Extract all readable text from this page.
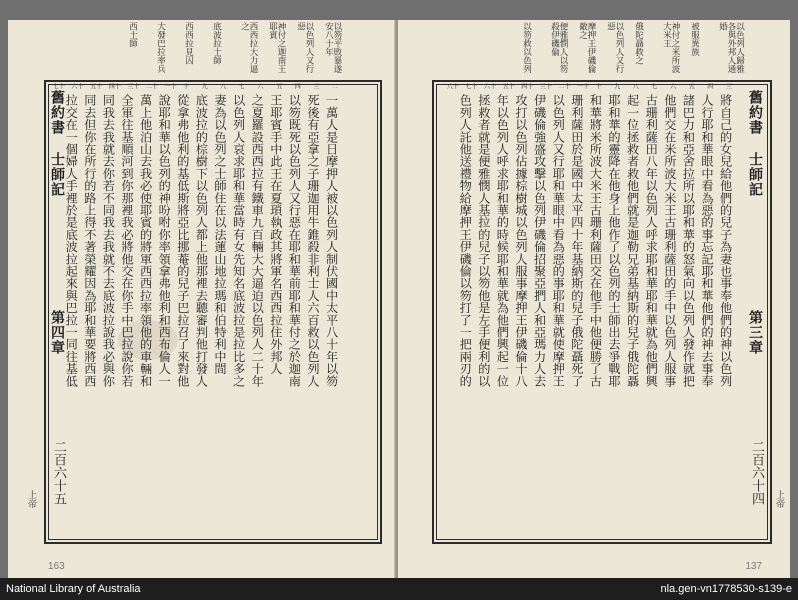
舊約書 士師記
第四章
二百六十五
上帝
以笏平敗暴遂安八十年
以色列人又行惡
神付之迦南王耶賓
西西拉大力逼之
底波拉士師
西西拉見囚
大發巴拉率兵
西士師
一萬人是日摩押人被以色列人制伏國中太平八十年以笏
死後有亞拿之子珊迦用牛錐殺非利士人六百救以色列人
以笏既死以色列人又行惡在耶和華前耶和華付之於迦南
王耶賓手中此王在夏瑣執政其將軍名西西拉住外邦人
之夏羅設西西拉有鐵車九百輛大大逼迫以色列人二十年
以色列人哀求耶和華當時有女先知名底波拉是拉比多之
妻為以色列之士師住在以法蓮山地拉瑪和伯特利中間
底波拉的棕樹下以色列人都上他那裡去聽審判他打發人
從拿弗他利的基低斯將亞比挪菴的兒子巴拉召了來對他
說耶和華以色列的神吩咐你率領拿弗他利和西布倫人一
萬上他泊山去我必使耶賓的將軍西西拉率領他的車輛和
全軍往基順河到你那裡我必將他交在你手中巴拉說你若
同我去我就去你若不同我去我就不去底波拉說我必與你
同去但你在所行的路上得不著榮耀因為耶和華要將西西
拉交在一個婦人手裡於是底波拉起來與巴拉一同往基低
二
三
四
五
六
七
八
九
十
十一
十二
十三
十四
十五
十六
十七
163
舊約書 士師記
第三章
二百六十四 上帝
以色列人歸雅各與外邦人通婚
被服異族
神付之米所波大米王
俄陀聶救之
以色列人又行惡
摩押王伊磯倫敵之
便雅憫人以笏殺伊磯倫
以笏救以色列
將自己的女兒給他們的兒子為妻也事奉他們的神以色列
人行耶和華眼中看為惡的事忘記耶和華他們的神去事奉
諸巴力和亞舍拉所以耶和華的怒氣向以色列人發作就把
他們交在米所波大米王古珊利薩田的手中以色列人服事
古珊利薩田八年以色列人呼求耶和華耶和華就為他們興
起一位拯救者救他們就是迦勒兄弟基納斯的兒子俄陀聶
耶和華的靈降在他身上他作了以色列的士師出去爭戰耶
和華將米所波大米王古珊利薩田交在他手中他便勝了古
珊利薩田於是國中太平四十年基納斯的兒子俄陀聶死了
以色列人又行耶和華眼中看為惡的事耶和華就使摩押王
伊磯倫強盛攻擊以色列伊磯倫招聚亞捫人和亞瑪力人去
攻打以色列佔據棕樹城以色列人服事摩押王伊磯倫十八
年以色列人呼求耶和華的時候耶和華就為他們興起一位
拯救者就是便雅憫人基拉的兒子以笏他是左手便利的以
色列人託他送禮物給摩押王伊磯倫以笏打了一把兩刃的
三
四
五
六
七
八
九
十
十一
十二
十三
十四
十五
十六
十七
十八
137
National Library of Australia	nla.gen-vn1778530-s139-e
